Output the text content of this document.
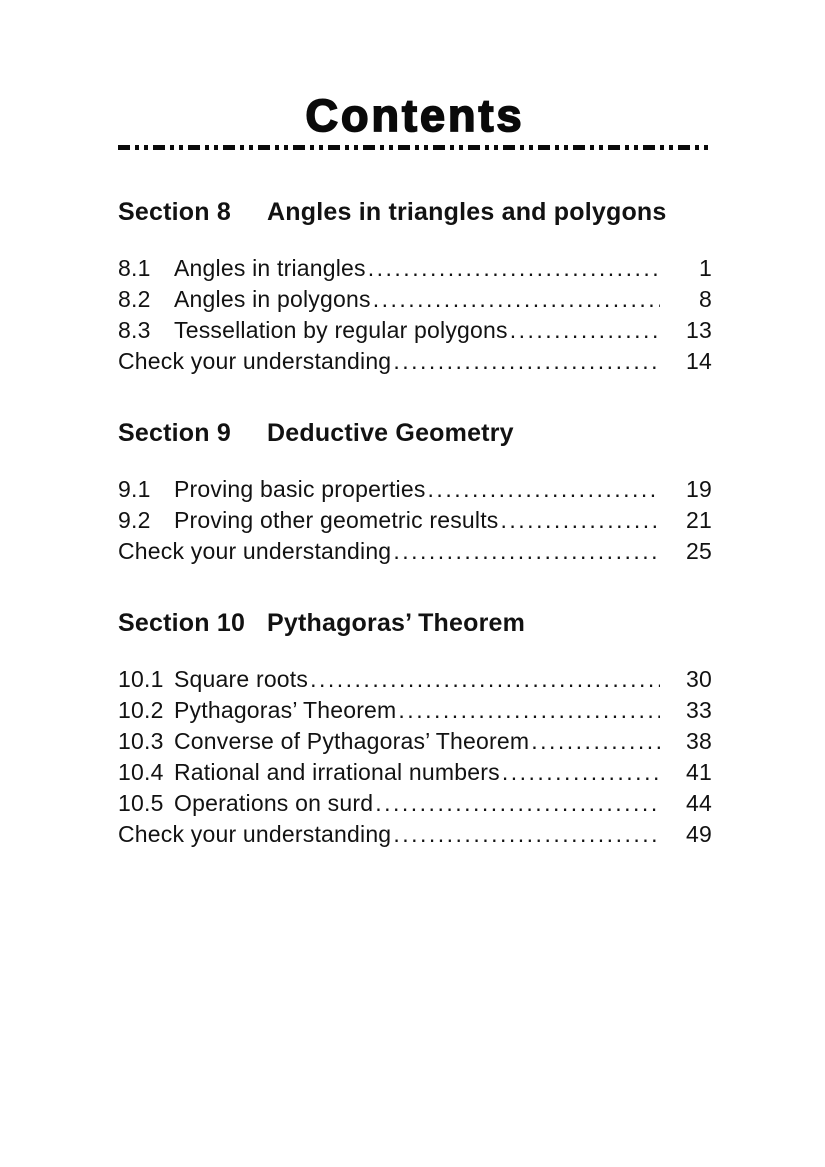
Contents
Section 8	Angles in triangles and polygons
8.1	Angles in triangles .....	1
8.2	Angles in polygons .....	8
8.3	Tessellation by regular polygons .....	13
Check your understanding .....	14
Section 9	Deductive Geometry
9.1	Proving basic properties .....	19
9.2	Proving other geometric results .....	21
Check your understanding .....	25
Section 10 Pythagoras’ Theorem
10.1 Square roots .....	30
10.2 Pythagoras’ Theorem .....	33
10.3 Converse of Pythagoras’ Theorem .....	38
10.4 Rational and irrational numbers .....	41
10.5 Operations on surd .....	44
Check your understanding .....	49
